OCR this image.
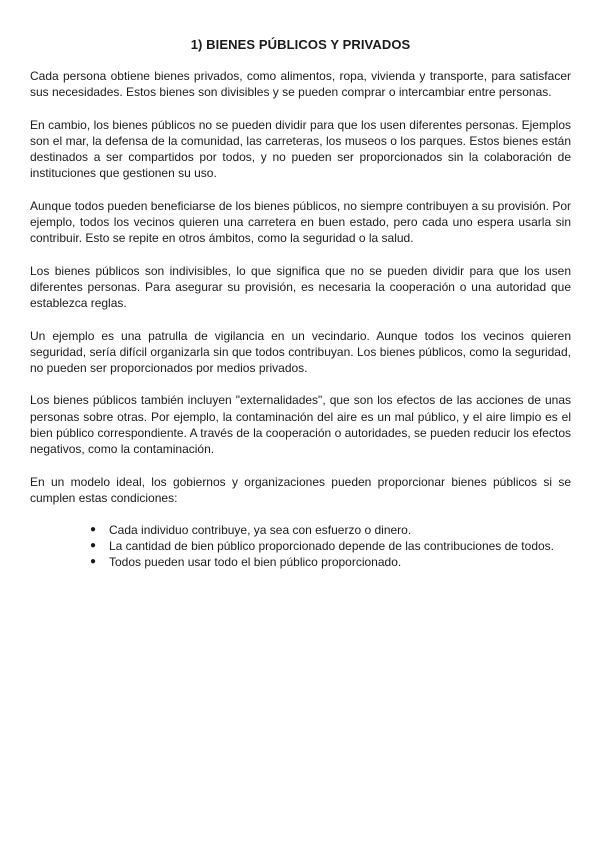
1) BIENES PÚBLICOS Y PRIVADOS

Cada persona obtiene bienes privados, como alimentos, ropa, vivienda y transporte, para satisfacer sus necesidades. Estos bienes son divisibles y se pueden comprar o intercambiar entre personas.

En cambio, los bienes públicos no se pueden dividir para que los usen diferentes personas. Ejemplos son el mar, la defensa de la comunidad, las carreteras, los museos o los parques. Estos bienes están destinados a ser compartidos por todos, y no pueden ser proporcionados sin la colaboración de instituciones que gestionen su uso.

Aunque todos pueden beneficiarse de los bienes públicos, no siempre contribuyen a su provisión. Por ejemplo, todos los vecinos quieren una carretera en buen estado, pero cada uno espera usarla sin contribuir. Esto se repite en otros ámbitos, como la seguridad o la salud.

Los bienes públicos son indivisibles, lo que significa que no se pueden dividir para que los usen diferentes personas. Para asegurar su provisión, es necesaria la cooperación o una autoridad que establezca reglas.

Un ejemplo es una patrulla de vigilancia en un vecindario. Aunque todos los vecinos quieren seguridad, sería difícil organizarla sin que todos contribuyan. Los bienes públicos, como la seguridad, no pueden ser proporcionados por medios privados.

Los bienes públicos también incluyen "externalidades", que son los efectos de las acciones de unas personas sobre otras. Por ejemplo, la contaminación del aire es un mal público, y el aire limpio es el bien público correspondiente. A través de la cooperación o autoridades, se pueden reducir los efectos negativos, como la contaminación.

En un modelo ideal, los gobiernos y organizaciones pueden proporcionar bienes públicos si se cumplen estas condiciones:

● Cada individuo contribuye, ya sea con esfuerzo o dinero.
● La cantidad de bien público proporcionado depende de las contribuciones de todos.
● Todos pueden usar todo el bien público proporcionado.
